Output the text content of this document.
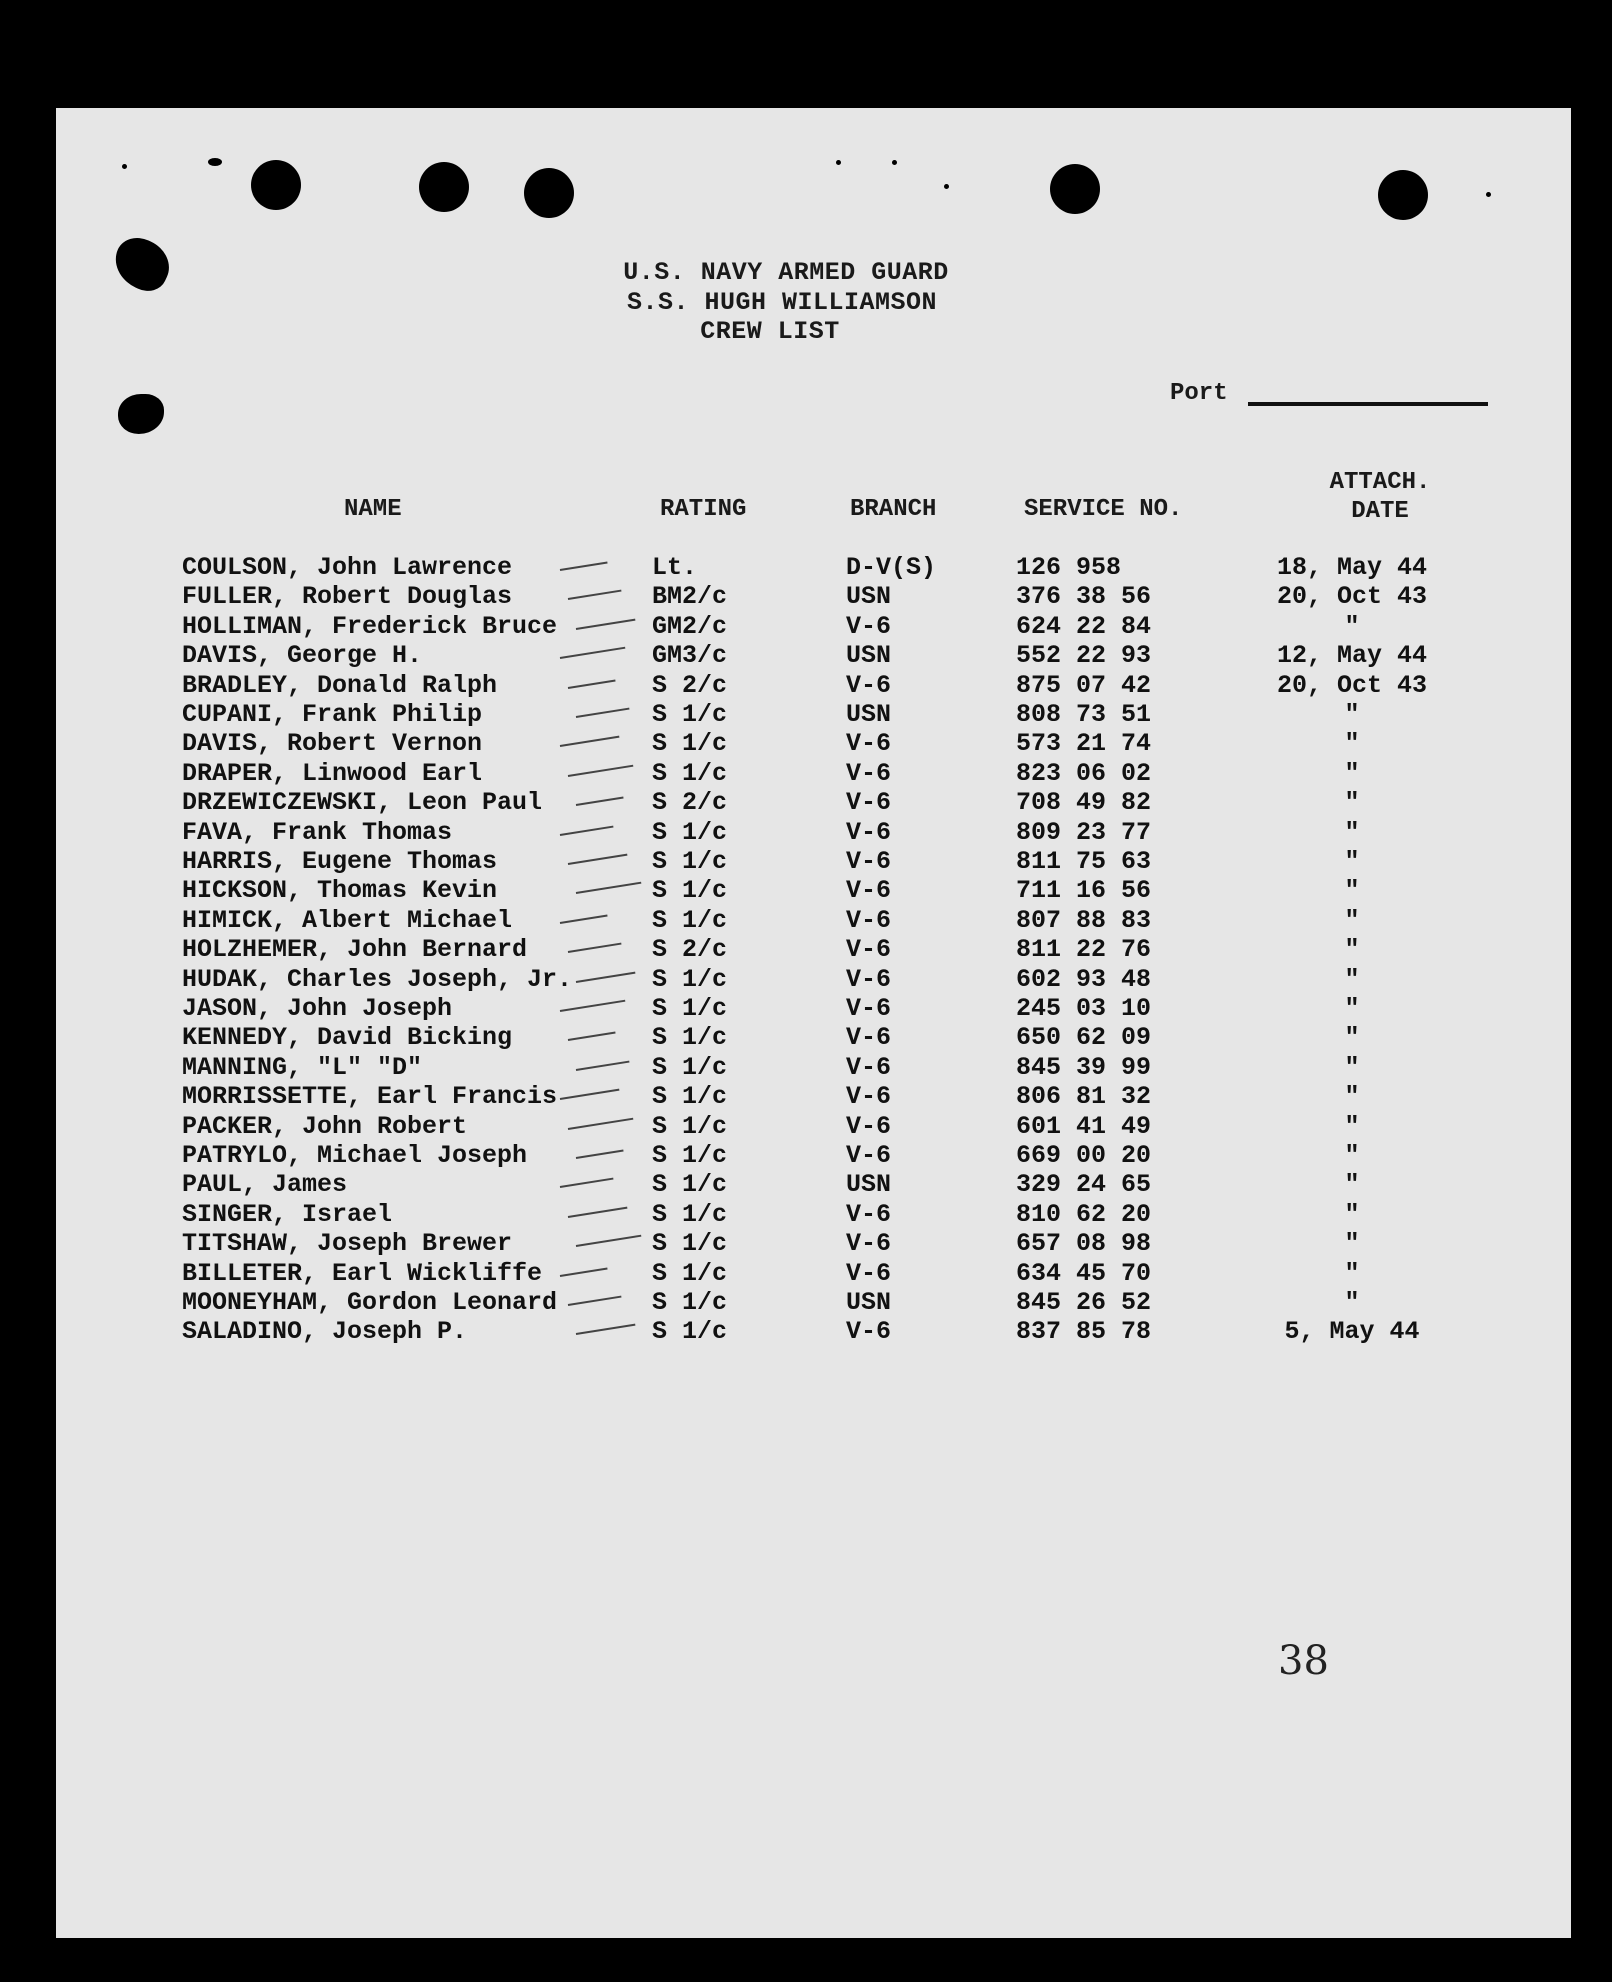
U.S. NAVY ARMED GUARD
S.S. HUGH WILLIAMSON
CREW LIST
Port
NAME	RATING	BRANCH	SERVICE NO.
ATTACH.
DATE
COULSON, John Lawrence	Lt.	D-V(S)	126 958	18, May 44
FULLER, Robert Douglas	BM2/c	USN	376 38 56	20, Oct 43
HOLLIMAN, Frederick Bruce	GM2/c	V-6	624 22 84	"
DAVIS, George H.	GM3/c	USN	552 22 93	12, May 44
BRADLEY, Donald Ralph	S 2/c	V-6	875 07 42	20, Oct 43
CUPANI, Frank Philip	S 1/c	USN	808 73 51	"
DAVIS, Robert Vernon	S 1/c	V-6	573 21 74	"
DRAPER, Linwood Earl	S 1/c	V-6	823 06 02	"
DRZEWICZEWSKI, Leon Paul	S 2/c	V-6	708 49 82	"
FAVA, Frank Thomas	S 1/c	V-6	809 23 77	"
HARRIS, Eugene Thomas	S 1/c	V-6	811 75 63	"
HICKSON, Thomas Kevin	S 1/c	V-6	711 16 56	"
HIMICK, Albert Michael	S 1/c	V-6	807 88 83	"
HOLZHEMER, John Bernard	S 2/c	V-6	811 22 76	"
HUDAK, Charles Joseph, Jr.	S 1/c	V-6	602 93 48	"
JASON, John Joseph	S 1/c	V-6	245 03 10	"
KENNEDY, David Bicking	S 1/c	V-6	650 62 09	"
MANNING, "L" "D"	S 1/c	V-6	845 39 99	"
MORRISSETTE, Earl Francis	S 1/c	V-6	806 81 32	"
PACKER, John Robert	S 1/c	V-6	601 41 49	"
PATRYLO, Michael Joseph	S 1/c	V-6	669 00 20	"
PAUL, James	S 1/c	USN	329 24 65	"
SINGER, Israel	S 1/c	V-6	810 62 20	"
TITSHAW, Joseph Brewer	S 1/c	V-6	657 08 98	"
BILLETER, Earl Wickliffe	S 1/c	V-6	634 45 70	"
MOONEYHAM, Gordon Leonard	S 1/c	USN	845 26 52	"
SALADINO, Joseph P.	S 1/c	V-6	837 85 78	5, May 44
38
